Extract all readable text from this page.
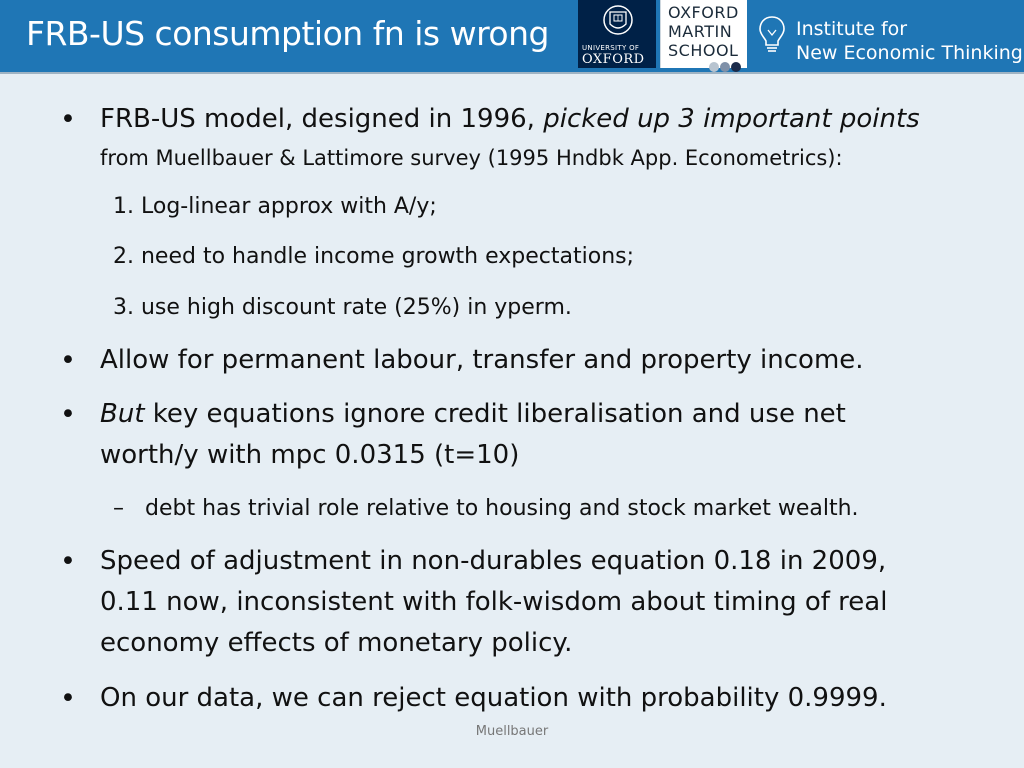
FRB-US consumption fn is wrong	UNIVERSITY OF
OXFORD
OXFORD
MARTIN
SCHOOL
Institute for
New Economic Thinking
• FRB-US model, designed in 1996, picked up 3 important points
from Muellbauer & Lattimore survey (1995 Hndbk App. Econometrics):
1. Log-linear approx with A/y;
2. need to handle income growth expectations;
3. use high discount rate (25%) in yperm.
• Allow for permanent labour, transfer and property income.
• But key equations ignore credit liberalisation and use net
worth/y with mpc 0.0315 (t=10)
– debt has trivial role relative to housing and stock market wealth.
• Speed of adjustment in non-durables equation 0.18 in 2009,
0.11 now, inconsistent with folk-wisdom about timing of real
economy effects of monetary policy.
• On our data, we can reject equation with probability 0.9999.
Muellbauer
